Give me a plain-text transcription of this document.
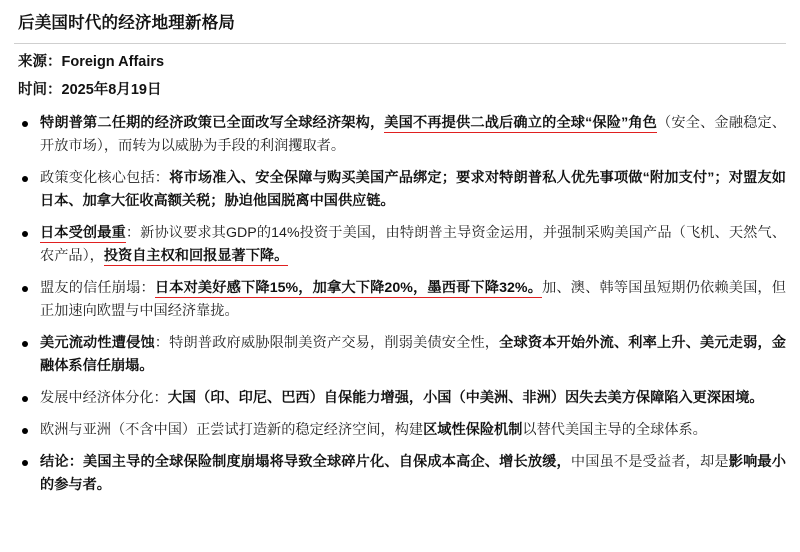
后美国时代的经济地理新格局
来源：Foreign Affairs
时间：2025年8月19日
特朗普第二任期的经济政策已全面改写全球经济架构，美国不再提供二战后确立的全球“保险”角色（安全、金融稳定、开放市场），而转为以威胁为手段的利润攫取者。
政策变化核心包括：将市场准入、安全保障与购买美国产品绑定；要求对特朗普私人优先事项做“附加支付”；对盟友如日本、加拿大征收高额关税；胁迫他国脱离中国供应链。
日本受创最重：新协议要求其GDP的14%投资于美国，由特朗普主导资金运用，并强制采购美国产品（飞机、天然气、农产品），投资自主权和回报显著下降。
盟友的信任崩塌：日本对美好感下降15%，加拿大下降20%，墨西哥下降32%。加、澳、韩等国虽短期仍依赖美国，但正加速向欧盟与中国经济靠拢。
美元流动性遭侵蚀：特朗普政府威胁限制美资产交易，削弱美债安全性，全球资本开始外流、利率上升、美元走弱，金融体系信任崩塌。
发展中经济体分化：大国（印、印尼、巴西）自保能力增强，小国（中美洲、非洲）因失去美方保障陷入更深困境。
欧洲与亚洲（不含中国）正尝试打造新的稳定经济空间，构建区域性保险机制以替代美国主导的全球体系。
结论：美国主导的全球保险制度崩塌将导致全球碎片化、自保成本高企、增长放缓，中国虽不是受益者，却是影响最小的参与者。
